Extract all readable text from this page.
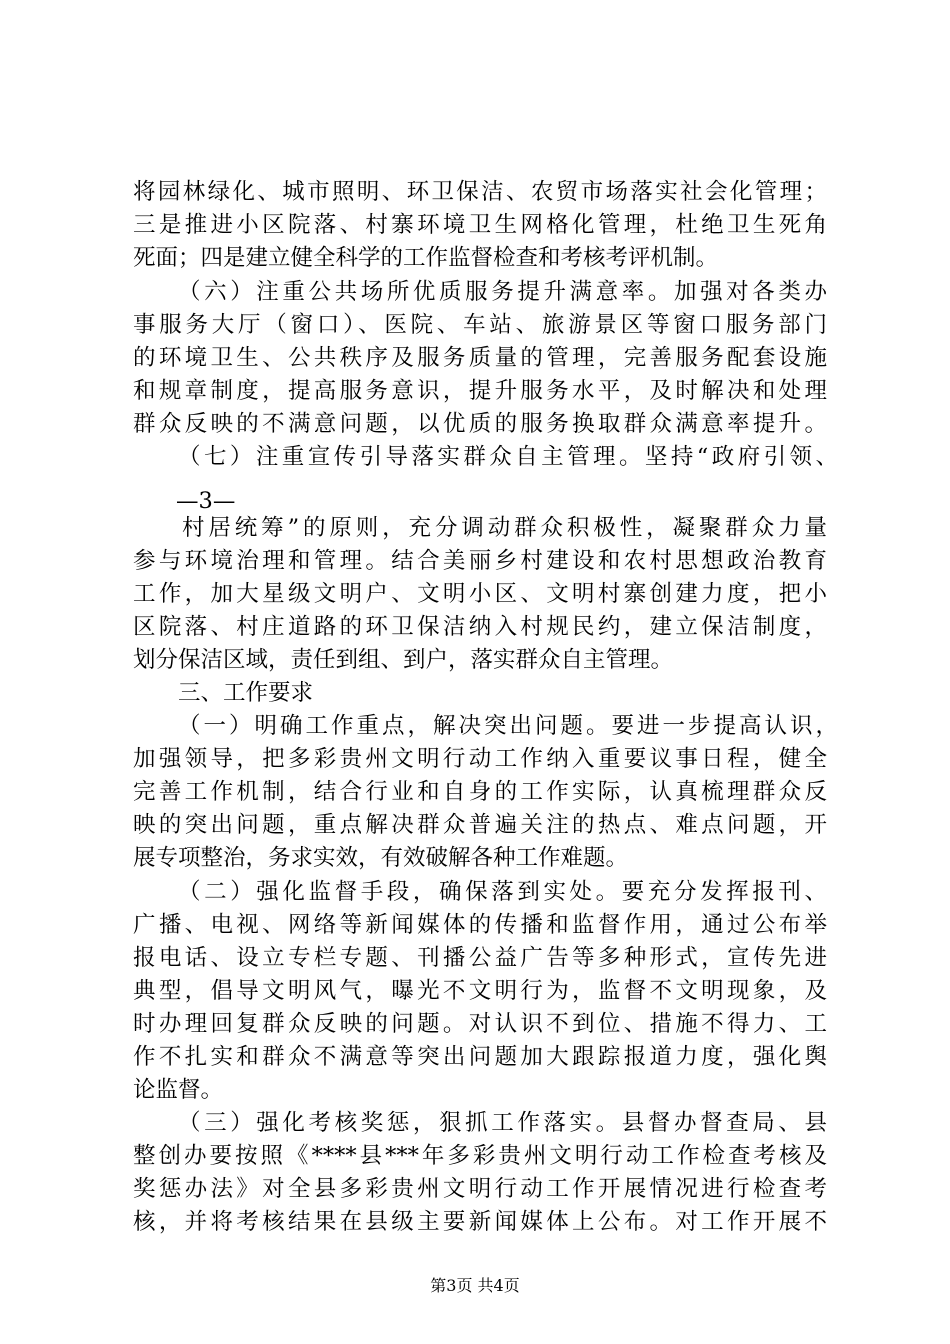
将园林绿化、城市照明、环卫保洁、农贸市场落实社会化管理；

三是推进小区院落、村寨环境卫生网格化管理，杜绝卫生死角

死面；四是建立健全科学的工作监督检查和考核考评机制。

（六）注重公共场所优质服务提升满意率。加强对各类办

事服务大厅（窗口）、医院、车站、旅游景区等窗口服务部门

的环境卫生、公共秩序及服务质量的管理，完善服务配套设施

和规章制度，提高服务意识，提升服务水平，及时解决和处理

群众反映的不满意问题，以优质的服务换取群众满意率提升。

（七）注重宣传引导落实群众自主管理。坚持“政府引领、

—3—

村居统筹”的原则，充分调动群众积极性，凝聚群众力量

参与环境治理和管理。结合美丽乡村建设和农村思想政治教育

工作，加大星级文明户、文明小区、文明村寨创建力度，把小

区院落、村庄道路的环卫保洁纳入村规民约，建立保洁制度，

划分保洁区域，责任到组、到户，落实群众自主管理。

三、工作要求

（一）明确工作重点，解决突出问题。要进一步提高认识，

加强领导，把多彩贵州文明行动工作纳入重要议事日程，健全

完善工作机制，结合行业和自身的工作实际，认真梳理群众反

映的突出问题，重点解决群众普遍关注的热点、难点问题，开

展专项整治，务求实效，有效破解各种工作难题。

（二）强化监督手段，确保落到实处。要充分发挥报刊、

广播、电视、网络等新闻媒体的传播和监督作用，通过公布举

报电话、设立专栏专题、刊播公益广告等多种形式，宣传先进

典型，倡导文明风气，曝光不文明行为，监督不文明现象，及

时办理回复群众反映的问题。对认识不到位、措施不得力、工

作不扎实和群众不满意等突出问题加大跟踪报道力度，强化舆

论监督。

（三）强化考核奖惩，狠抓工作落实。县督办督查局、县

整创办要按照《****县***年多彩贵州文明行动工作检查考核及

奖惩办法》对全县多彩贵州文明行动工作开展情况进行检查考

核，并将考核结果在县级主要新闻媒体上公布。对工作开展不

第3页 共4页
